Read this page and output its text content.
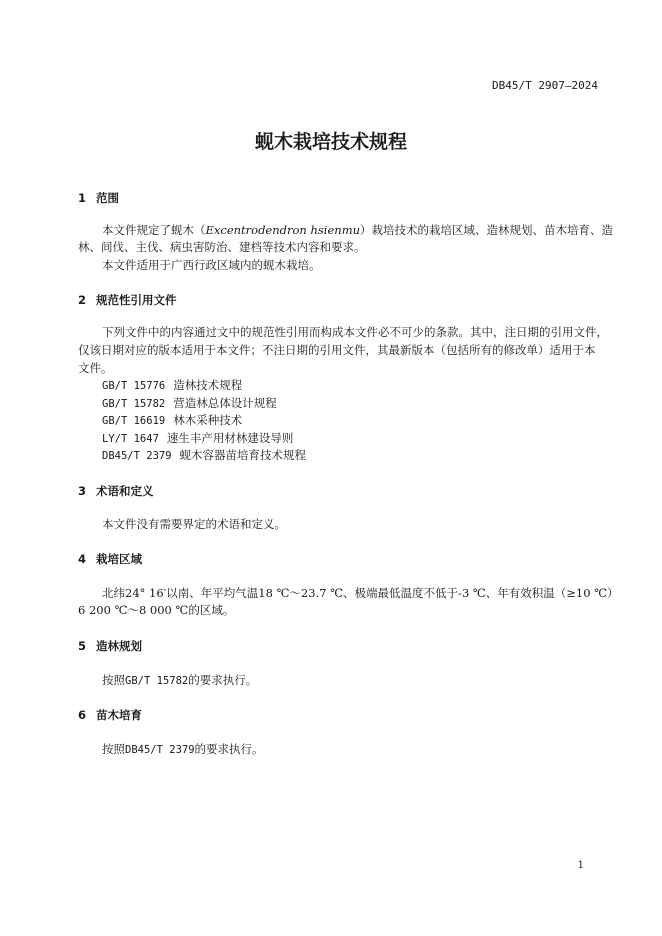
DB45/T 2907—2024
蚬木栽培技术规程
1 范围
本文件规定了蚬木（Excentrodendron hsienmu）栽培技术的栽培区域、造林规划、苗木培育、造
林、间伐、主伐、病虫害防治、建档等技术内容和要求。
本文件适用于广西行政区域内的蚬木栽培。
2 规范性引用文件
下列文件中的内容通过文中的规范性引用而构成本文件必不可少的条款。其中，注日期的引用文件，
仅该日期对应的版本适用于本文件；不注日期的引用文件，其最新版本（包括所有的修改单）适用于本
文件。
GB/T 15776 造林技术规程
GB/T 15782 营造林总体设计规程
GB/T 16619 林木采种技术
LY/T 1647 速生丰产用材林建设导则
DB45/T 2379 蚬木容器苗培育技术规程
3 术语和定义
本文件没有需要界定的术语和定义。
4 栽培区域
北纬24° 16′以南、年平均气温18 ℃～23.7 ℃、极端最低温度不低于-3 ℃、年有效积温（≥10 ℃）
6 200 ℃～8 000 ℃的区域。
5 造林规划
按照GB/T 15782的要求执行。
6 苗木培育
按照DB45/T 2379的要求执行。
1
